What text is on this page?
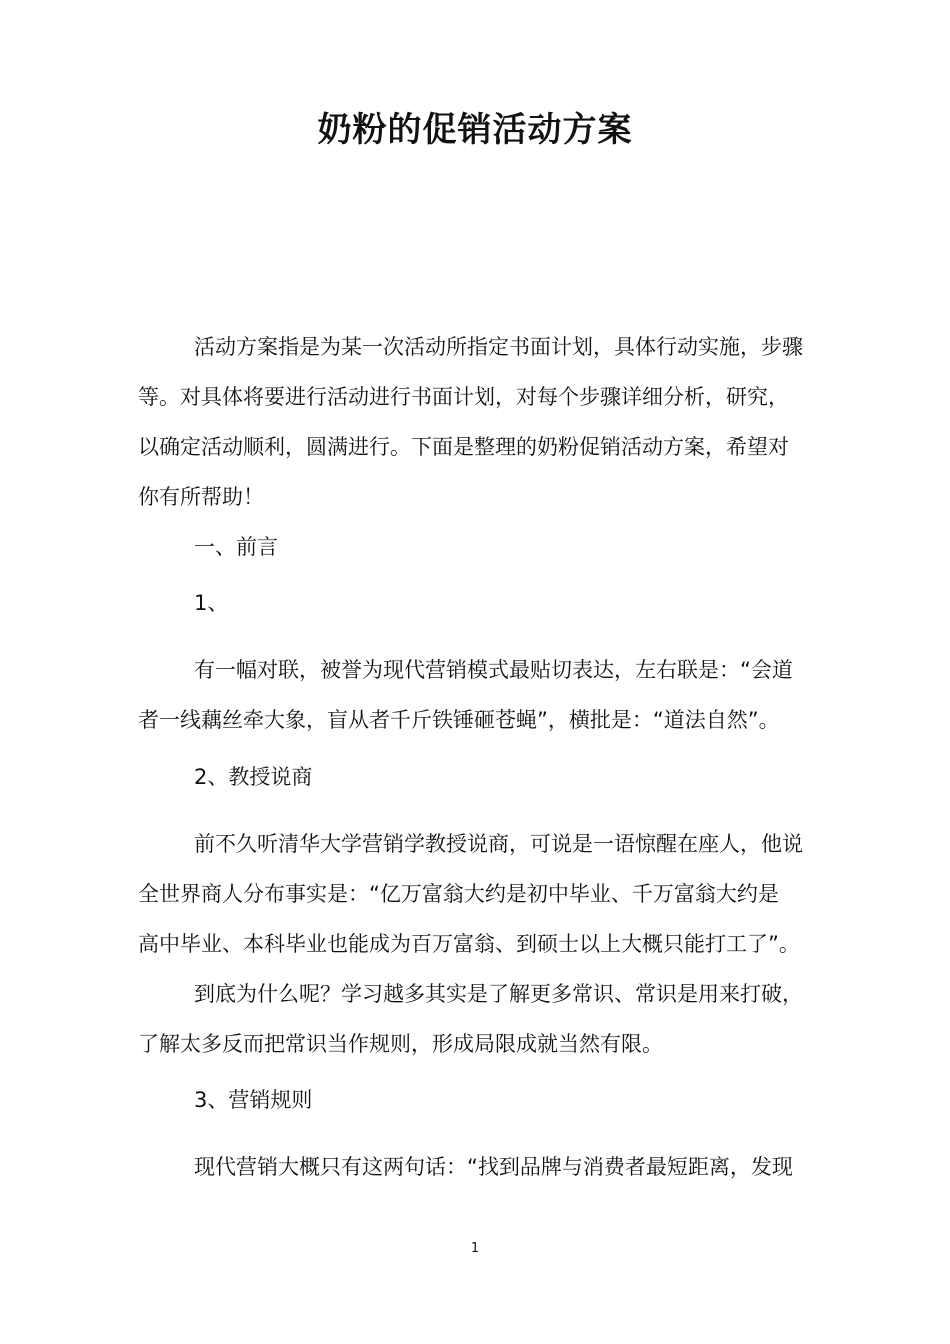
奶粉的促销活动方案
活动方案指是为某一次活动所指定书面计划，具体行动实施，步骤
等。对具体将要进行活动进行书面计划，对每个步骤详细分析，研究，
以确定活动顺利，圆满进行。下面是整理的奶粉促销活动方案，希望对
你有所帮助！
一、前言
1、
有一幅对联，被誉为现代营销模式最贴切表达，左右联是：“会道
者一线藕丝牵大象，盲从者千斤铁锤砸苍蝇”，横批是：“道法自然”。
2、教授说商
前不久听清华大学营销学教授说商，可说是一语惊醒在座人，他说
全世界商人分布事实是：“亿万富翁大约是初中毕业、千万富翁大约是
高中毕业、本科毕业也能成为百万富翁、到硕士以上大概只能打工了”。
到底为什么呢？学习越多其实是了解更多常识、常识是用来打破，
了解太多反而把常识当作规则，形成局限成就当然有限。
3、营销规则
现代营销大概只有这两句话：“找到品牌与消费者最短距离，发现
1
